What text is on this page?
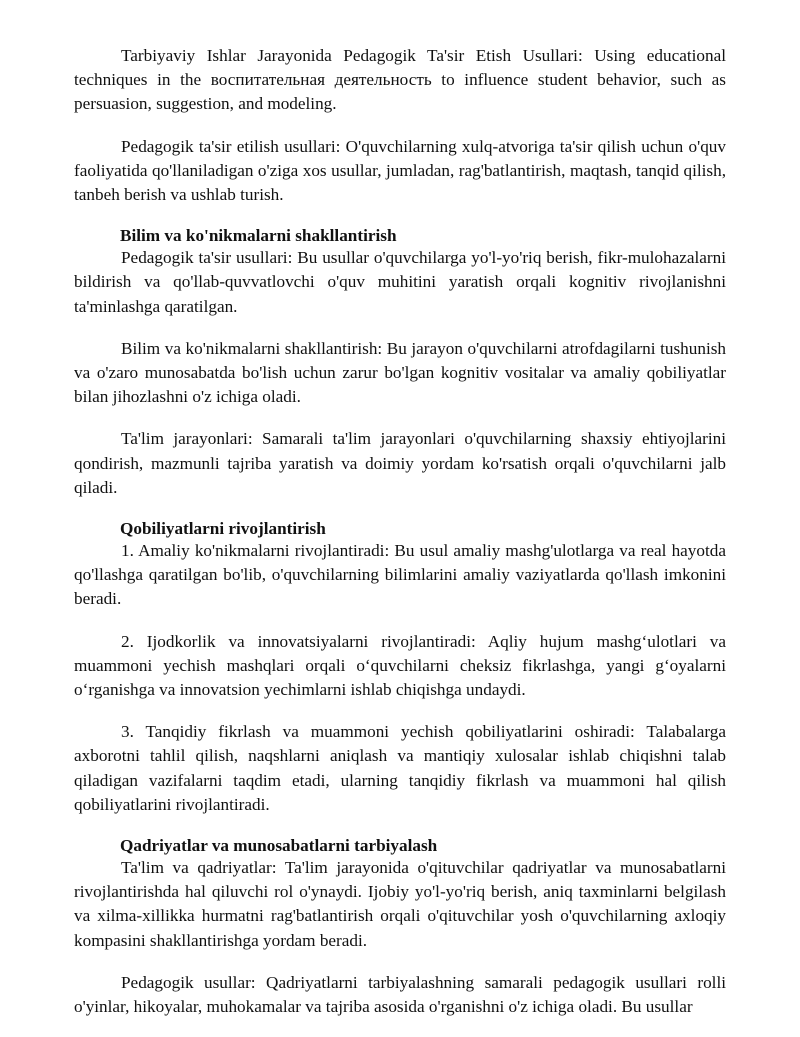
Tarbiyaviy Ishlar Jarayonida Pedagogik Ta'sir Etish Usullari: Using educational techniques in the воспитательная деятельность to influence student behavior, such as persuasion, suggestion, and modeling.

Pedagogik ta'sir etilish usullari: O'quvchilarning xulq-atvoriga ta'sir qilish uchun o'quv faoliyatida qo'llaniladigan o'ziga xos usullar, jumladan, rag'batlantirish, maqtash, tanqid qilish, tanbeh berish va ushlab turish.

Bilim va ko'nikmalarni shakllantirish

Pedagogik ta'sir usullari: Bu usullar o'quvchilarga yo'l-yo'riq berish, fikr-mulohazalarni bildirish va qo'llab-quvvatlovchi o'quv muhitini yaratish orqali kognitiv rivojlanishni ta'minlashga qaratilgan.

Bilim va ko'nikmalarni shakllantirish: Bu jarayon o'quvchilarni atrofdagilarni tushunish va o'zaro munosabatda bo'lish uchun zarur bo'lgan kognitiv vositalar va amaliy qobiliyatlar bilan jihozlashni o'z ichiga oladi.

Ta'lim jarayonlari: Samarali ta'lim jarayonlari o'quvchilarning shaxsiy ehtiyojlarini qondirish, mazmunli tajriba yaratish va doimiy yordam ko'rsatish orqali o'quvchilarni jalb qiladi.

Qobiliyatlarni rivojlantirish

1. Amaliy ko'nikmalarni rivojlantiradi: Bu usul amaliy mashg'ulotlarga va real hayotda qo'llashga qaratilgan bo'lib, o'quvchilarning bilimlarini amaliy vaziyatlarda qo'llash imkonini beradi.

2. Ijodkorlik va innovatsiyalarni rivojlantiradi: Aqliy hujum mashg‘ulotlari va muammoni yechish mashqlari orqali o‘quvchilarni cheksiz fikrlashga, yangi g‘oyalarni o‘rganishga va innovatsion yechimlarni ishlab chiqishga undaydi.

3. Tanqidiy fikrlash va muammoni yechish qobiliyatlarini oshiradi: Talabalarga axborotni tahlil qilish, naqshlarni aniqlash va mantiqiy xulosalar ishlab chiqishni talab qiladigan vazifalarni taqdim etadi, ularning tanqidiy fikrlash va muammoni hal qilish qobiliyatlarini rivojlantiradi.

Qadriyatlar va munosabatlarni tarbiyalash

Ta'lim va qadriyatlar: Ta'lim jarayonida o'qituvchilar qadriyatlar va munosabatlarni rivojlantirishda hal qiluvchi rol o'ynaydi. Ijobiy yo'l-yo'riq berish, aniq taxminlarni belgilash va xilma-xillikka hurmatni rag'batlantirish orqali o'qituvchilar yosh o'quvchilarning axloqiy kompasini shakllantirishga yordam beradi.

Pedagogik usullar: Qadriyatlarni tarbiyalashning samarali pedagogik usullari rolli o'yinlar, hikoyalar, muhokamalar va tajriba asosida o'rganishni o'z ichiga oladi. Bu usullar
